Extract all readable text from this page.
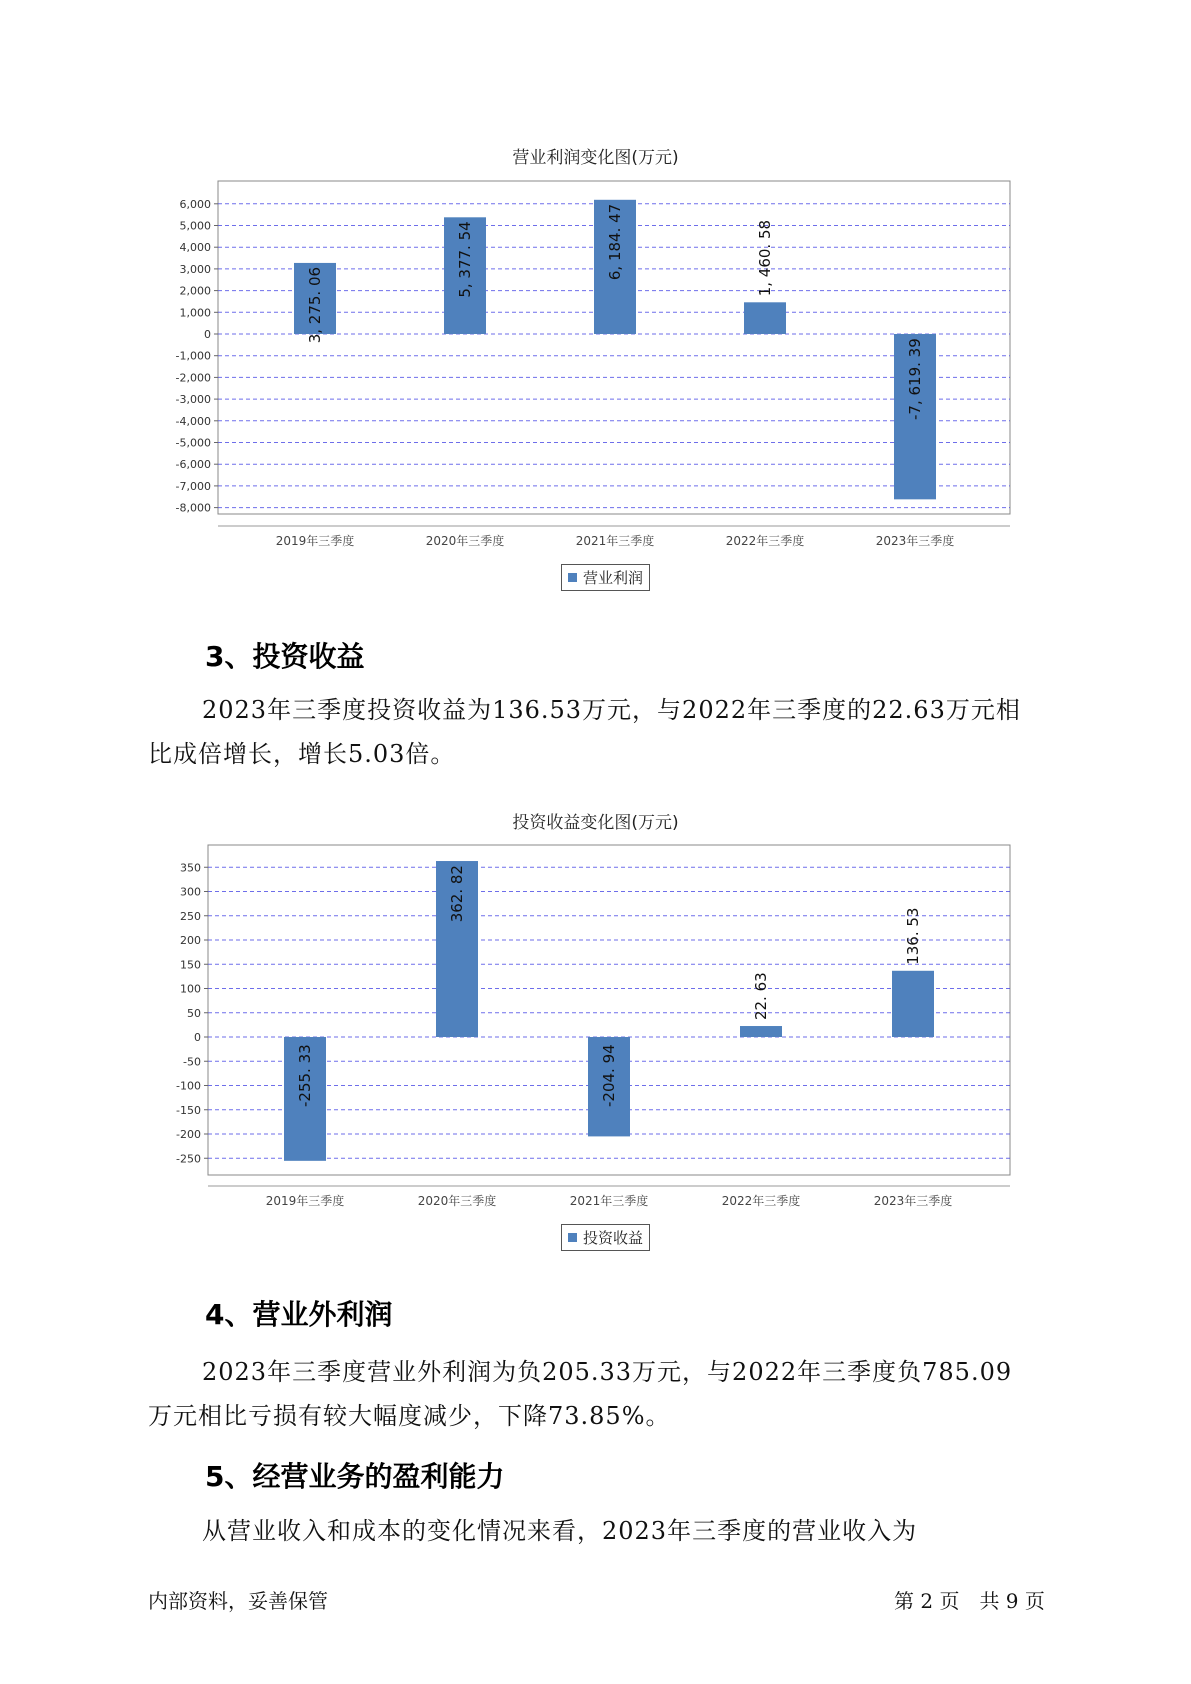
营业利润变化图(万元)
6,000
5,000
4,000
3,000
2,000
1,000
0
-1,000
-2,000
-3,000
-4,000
-5,000
-6,000
-7,000
-8,000
3, 275. 06
2019年三季度
5, 377. 54
2020年三季度
6, 184. 47
2021年三季度
1, 460. 58
2022年三季度
-7, 619. 39
2023年三季度
营业利润
3、投资收益
2023年三季度投资收益为136.53万元，与2022年三季度的22.63万元相
比成倍增长，增长5.03倍。
投资收益变化图(万元)
350
300
250
200
150
100
50
0
-50
-100
-150
-200
-250
-255. 33
2019年三季度
362. 82
2020年三季度
-204. 94
2021年三季度
22. 63
2022年三季度
136. 53
2023年三季度
投资收益
4、营业外利润
2023年三季度营业外利润为负205.33万元，与2022年三季度负785.09
万元相比亏损有较大幅度减少，下降73.85%。
5、经营业务的盈利能力
从营业收入和成本的变化情况来看，2023年三季度的营业收入为
内部资料，妥善保管	第 2 页　共 9 页
